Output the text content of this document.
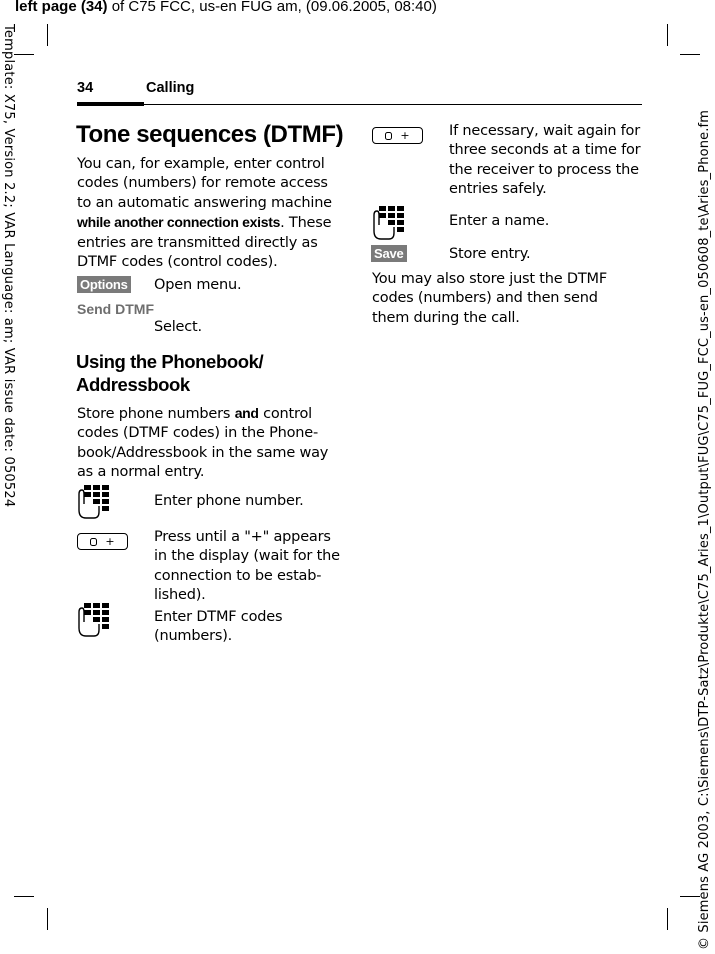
left page (34) of C75 FCC, us-en FUG am, (09.06.2005, 08:40)
Template: X75, Version 2.2; VAR Language: am; VAR issue date: 050524	© Siemens AG 2003, C:\Siemens\DTP-Satz\Produkte\C75_Aries_1\Output\FUG\C75_FUG_FCC_us-en_050608_te\Aries_Phone.fm
34	Calling
Tone sequences (DTMF)
You can, for example, enter control codes (numbers) for remote access to an automatic answering machine while another connection exists. These entries are transmitted directly as DTMF codes (control codes).
Options Open menu.
Send DTMF
Select.
Using the Phonebook/ Addressbook
Store phone numbers and control codes (DTMF codes) in the Phone-book/Addressbook in the same way as a normal entry.
Enter phone number.
+	Press until a "+" appears in the display (wait for the connection to be estab-lished).
Enter DTMF codes (numbers).
+	If necessary, wait again for three seconds at a time for the receiver to process the entries safely.
Enter a name.
Save	Store entry.
You may also store just the DTMF codes (numbers) and then send them during the call.
